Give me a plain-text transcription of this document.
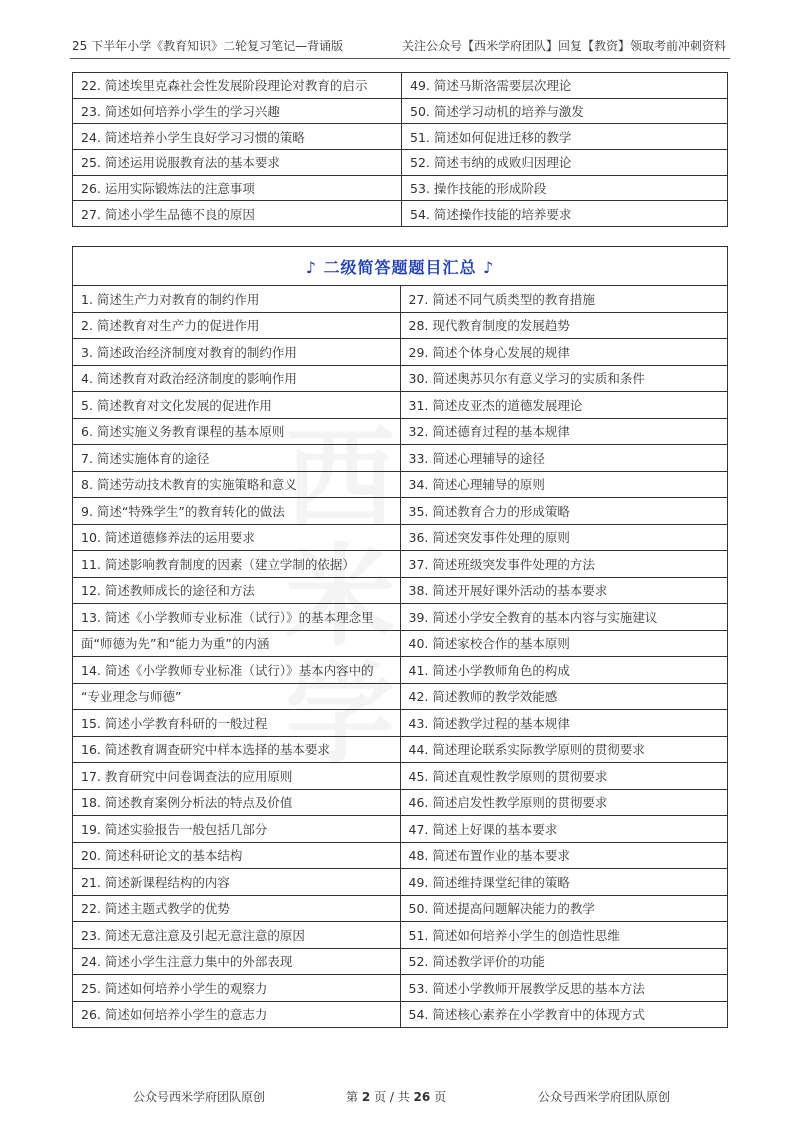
25 下半年小学《教育知识》二轮复习笔记—背诵版	关注公众号【西米学府团队】回复【教资】领取考前冲刺资料
22. 简述埃里克森社会性发展阶段理论对教育的启示	49. 简述马斯洛需要层次理论
23. 简述如何培养小学生的学习兴趣	50. 简述学习动机的培养与激发
24. 简述培养小学生良好学习习惯的策略	51. 简述如何促进迁移的教学
25. 简述运用说服教育法的基本要求	52. 简述韦纳的成败归因理论
26. 运用实际锻炼法的注意事项	53. 操作技能的形成阶段
27. 简述小学生品德不良的原因	54. 简述操作技能的培养要求
♪ 二级简答题题目汇总 ♪	
1. 简述生产力对教育的制约作用	27. 简述不同气质类型的教育措施
2. 简述教育对生产力的促进作用	28. 现代教育制度的发展趋势
3. 简述政治经济制度对教育的制约作用	29. 简述个体身心发展的规律
4. 简述教育对政治经济制度的影响作用	30. 简述奥苏贝尔有意义学习的实质和条件
5. 简述教育对文化发展的促进作用	31. 简述皮亚杰的道德发展理论
6. 简述实施义务教育课程的基本原则	32. 简述德育过程的基本规律
7. 简述实施体育的途径	33. 简述心理辅导的途径
8. 简述劳动技术教育的实施策略和意义	34. 简述心理辅导的原则
9. 简述“特殊学生”的教育转化的做法	35. 简述教育合力的形成策略
10. 简述道德修养法的运用要求	36. 简述突发事件处理的原则
11. 简述影响教育制度的因素（建立学制的依据）	37. 简述班级突发事件处理的方法
12. 简述教师成长的途径和方法	38. 简述开展好课外活动的基本要求
13. 简述《小学教师专业标准（试行）》的基本理念里	39. 简述小学安全教育的基本内容与实施建议
面“师德为先”和“能力为重”的内涵	40. 简述家校合作的基本原则
14. 简述《小学教师专业标准（试行）》基本内容中的	41. 简述小学教师角色的构成
“专业理念与师德”	42. 简述教师的教学效能感
15. 简述小学教育科研的一般过程	43. 简述教学过程的基本规律
16. 简述教育调查研究中样本选择的基本要求	44. 简述理论联系实际教学原则的贯彻要求
17. 教育研究中问卷调查法的应用原则	45. 简述直观性教学原则的贯彻要求
18. 简述教育案例分析法的特点及价值	46. 简述启发性教学原则的贯彻要求
19. 简述实验报告一般包括几部分	47. 简述上好课的基本要求
20. 简述科研论文的基本结构	48. 简述布置作业的基本要求
21. 简述新课程结构的内容	49. 简述维持课堂纪律的策略
22. 简述主题式教学的优势	50. 简述提高问题解决能力的教学
23. 简述无意注意及引起无意注意的原因	51. 简述如何培养小学生的创造性思维
24. 简述小学生注意力集中的外部表现	52. 简述教学评价的功能
25. 简述如何培养小学生的观察力	53. 简述小学教师开展教学反思的基本方法
26. 简述如何培养小学生的意志力	54. 简述核心素养在小学教育中的体现方式
公众号西米学府团队原创	第 2 页 / 共 26 页	公众号西米学府团队原创
